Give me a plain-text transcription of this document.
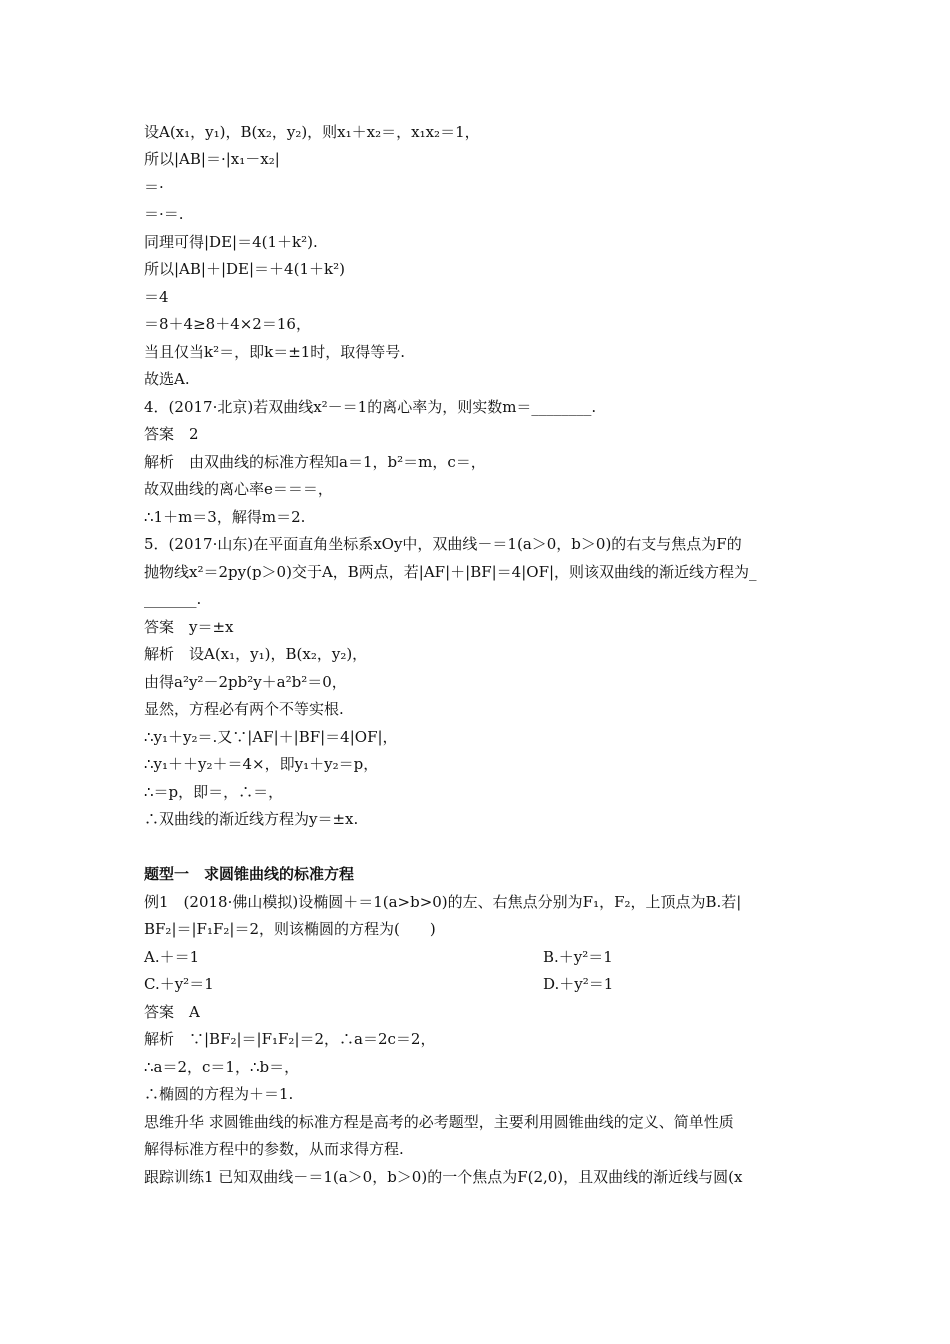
设A(x₁，y₁)，B(x₂，y₂)，则x₁＋x₂＝，x₁x₂＝1，
所以|AB|＝·|x₁－x₂|
＝·
＝·＝.
同理可得|DE|＝4(1＋k²).
所以|AB|＋|DE|＝＋4(1＋k²)
＝4
＝8＋4≥8＋4×2＝16，
当且仅当k²＝，即k＝±1时，取得等号.
故选A.
4．(2017·北京)若双曲线x²－＝1的离心率为，则实数m＝________.
答案　2
解析　由双曲线的标准方程知a＝1，b²＝m，c＝，
故双曲线的离心率e＝＝＝，
∴1＋m＝3，解得m＝2.
5．(2017·山东)在平面直角坐标系xOy中，双曲线－＝1(a＞0，b＞0)的右支与焦点为F的
抛物线x²＝2py(p＞0)交于A，B两点，若|AF|＋|BF|＝4|OF|，则该双曲线的渐近线方程为_
_______.
答案　y＝±x
解析　设A(x₁，y₁)，B(x₂，y₂)，
由得a²y²－2pb²y＋a²b²＝0，
显然，方程必有两个不等实根.
∴y₁＋y₂＝.又∵|AF|＋|BF|＝4|OF|，
∴y₁＋＋y₂＋＝4×，即y₁＋y₂＝p，
∴＝p，即＝，∴＝，
∴双曲线的渐近线方程为y＝±x.
题型一　求圆锥曲线的标准方程
例1　(2018·佛山模拟)设椭圆＋＝1(a>b>0)的左、右焦点分别为F₁，F₂，上顶点为B.若|
BF₂|＝|F₁F₂|＝2，则该椭圆的方程为(　　)
A.＋＝1	B.＋y²＝1
C.＋y²＝1	D.＋y²＝1
答案　A
解析　∵|BF₂|＝|F₁F₂|＝2，∴a＝2c＝2，
∴a＝2，c＝1，∴b＝，
∴椭圆的方程为＋＝1.
思维升华 求圆锥曲线的标准方程是高考的必考题型，主要利用圆锥曲线的定义、简单性质
解得标准方程中的参数，从而求得方程.
跟踪训练1 已知双曲线－＝1(a＞0，b＞0)的一个焦点为F(2,0)，且双曲线的渐近线与圆(x
